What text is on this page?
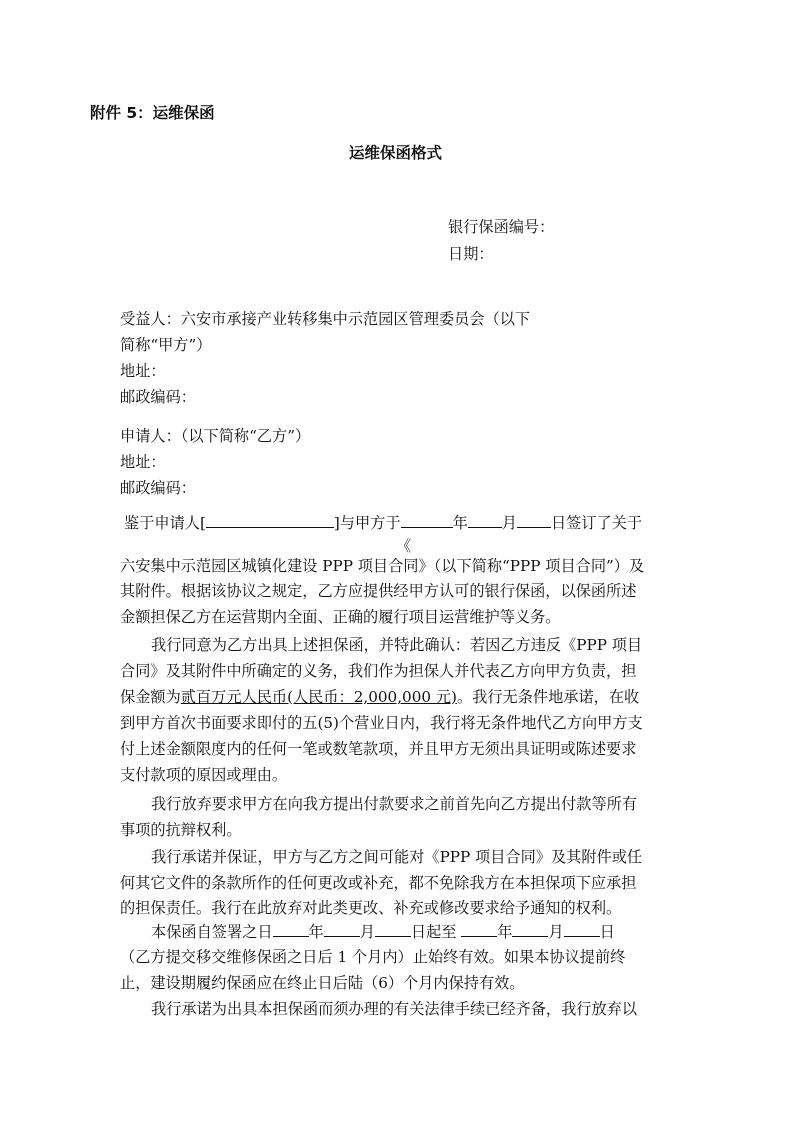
附件 5：运维保函
运维保函格式
银行保函编号：
日期：
受益人：六安市承接产业转移集中示范园区管理委员会（以下
简称“甲方”）
地址：
邮政编码：
申请人：（以下简称“乙方”）
地址：
邮政编码：
鉴于申请人[	]与甲方于	年 月 日签订了关于
《
六安集中示范园区城镇化建设 PPP 项目合同》（以下简称“PPP 项目合同”）及
其附件。根据该协议之规定，乙方应提供经甲方认可的银行保函，以保函所述
金额担保乙方在运营期内全面、正确的履行项目运营维护等义务。
我行同意为乙方出具上述担保函，并特此确认：若因乙方违反《PPP 项目
合同》及其附件中所确定的义务，我们作为担保人并代表乙方向甲方负责，担
保金额为贰百万元人民币(人民币：2,000,000 元)。我行无条件地承诺，在收
到甲方首次书面要求即付的五(5)个营业日内，我行将无条件地代乙方向甲方支
付上述金额限度内的任何一笔或数笔款项，并且甲方无须出具证明或陈述要求
支付款项的原因或理由。
我行放弃要求甲方在向我方提出付款要求之前首先向乙方提出付款等所有
事项的抗辩权利。
我行承诺并保证，甲方与乙方之间可能对《PPP 项目合同》及其附件或任
何其它文件的条款所作的任何更改或补充，都不免除我方在本担保项下应承担
的担保责任。我行在此放弃对此类更改、补充或修改要求给予通知的权利。
本保函自签署之日 年 月 日起至	年 月 日
（乙方提交移交维修保函之日后 1 个月内）止始终有效。如果本协议提前终
止，建设期履约保函应在终止日后陆（6）个月内保持有效。
我行承诺为出具本担保函而须办理的有关法律手续已经齐备，我行放弃以
